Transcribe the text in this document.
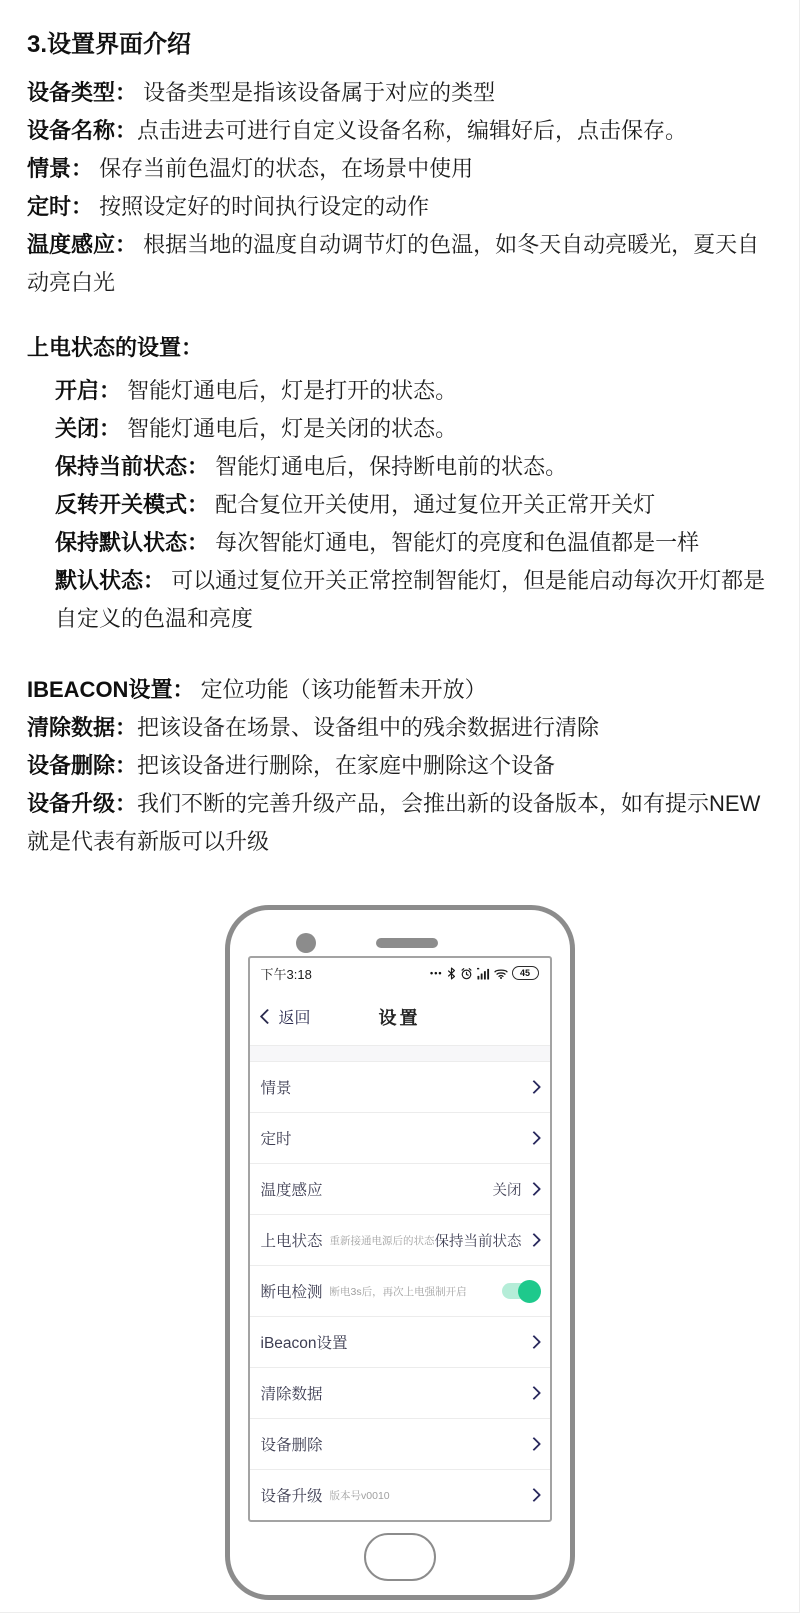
3.设置界面介绍

设备类型： 设备类型是指该设备属于对应的类型

设备名称：点击进去可进行自定义设备名称，编辑好后，点击保存。

情景： 保存当前色温灯的状态，在场景中使用

定时： 按照设定好的时间执行设定的动作

温度感应： 根据当地的温度自动调节灯的色温，如冬天自动亮暖光，夏天自动亮白光

上电状态的设置：

开启： 智能灯通电后，灯是打开的状态。

关闭： 智能灯通电后，灯是关闭的状态。

保持当前状态： 智能灯通电后，保持断电前的状态。

反转开关模式： 配合复位开关使用，通过复位开关正常开关灯

保持默认状态： 每次智能灯通电，智能灯的亮度和色温值都是一样

默认状态： 可以通过复位开关正常控制智能灯，但是能启动每次开灯都是自定义的色温和亮度

IBEACON设置： 定位功能（该功能暂未开放）

清除数据：把该设备在场景、设备组中的残余数据进行清除

设备删除：把该设备进行删除，在家庭中删除这个设备

设备升级：我们不断的完善升级产品，会推出新的设备版本，如有提示NEW就是代表有新版可以升级

下午3:18	•••	45
返回	设置
情景
定时
温度感应	关闭
上电状态 重新接通电源后的状态 保持当前状态
断电检测 断电3s后，再次上电强制开启
iBeacon设置
清除数据
设备删除
设备升级 版本号v0010
